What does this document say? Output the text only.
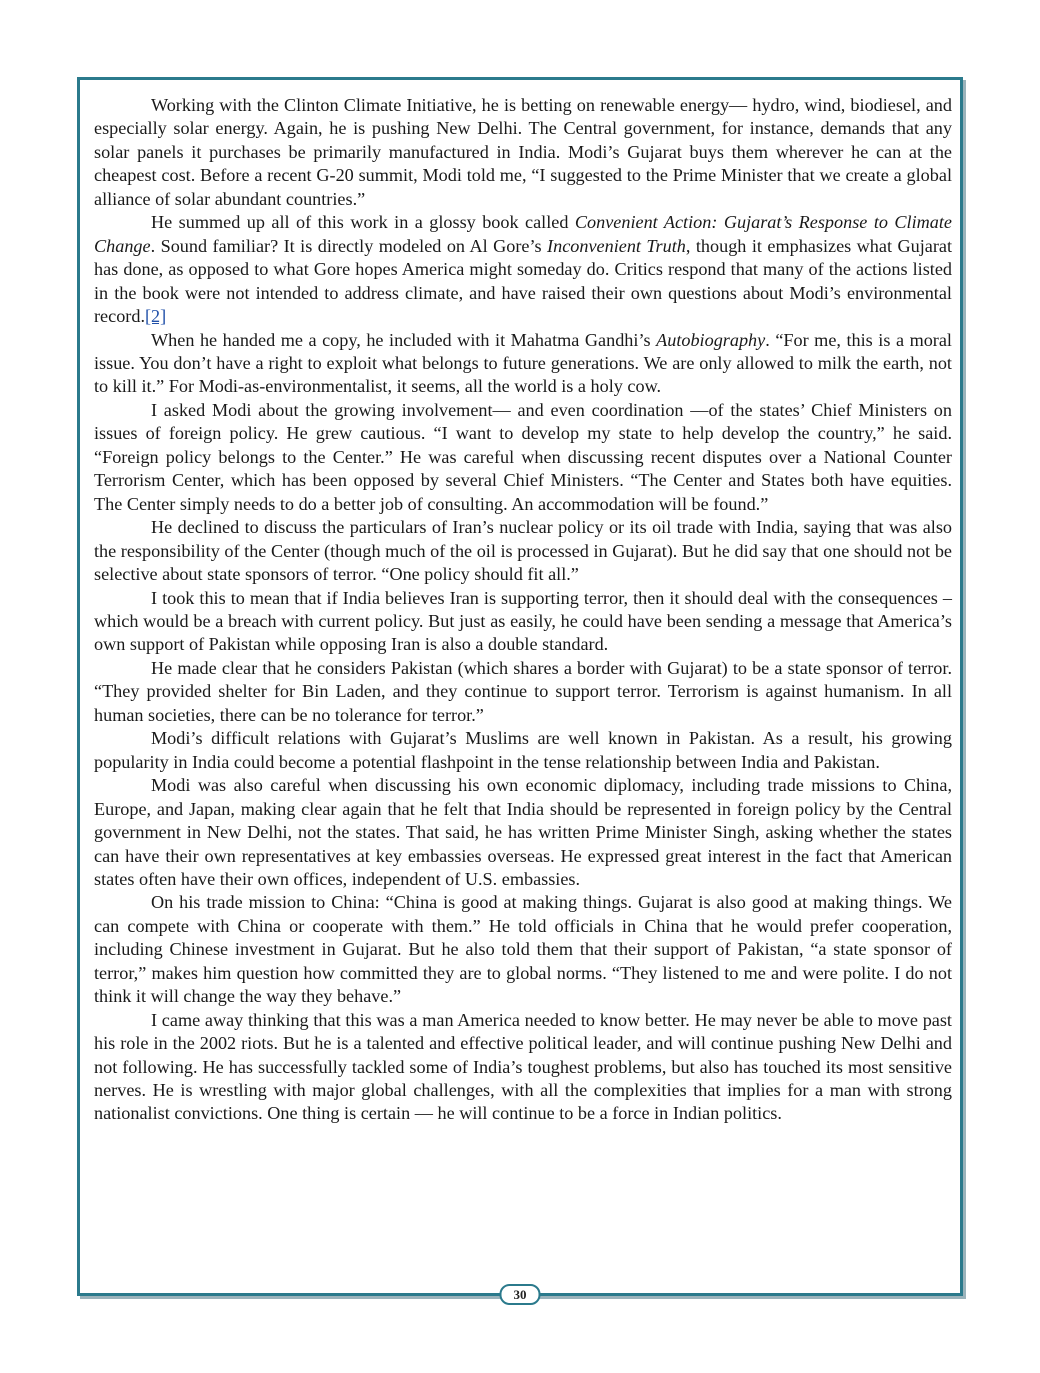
Working with the Clinton Climate Initiative, he is betting on renewable energy— hydro, wind, biodiesel, and especially solar energy. Again, he is pushing New Delhi. The Central government, for instance, demands that any solar panels it purchases be primarily manufactured in India. Modi’s Gujarat buys them wherever he can at the cheapest cost. Before a recent G-20 summit, Modi told me, “I suggested to the Prime Minister that we create a global alliance of solar abundant countries.”

He summed up all of this work in a glossy book called Convenient Action: Gujarat’s Response to Climate Change. Sound familiar? It is directly modeled on Al Gore’s Inconvenient Truth, though it emphasizes what Gujarat has done, as opposed to what Gore hopes America might someday do. Critics respond that many of the actions listed in the book were not intended to address climate, and have raised their own questions about Modi’s environmental record.[2]

When he handed me a copy, he included with it Mahatma Gandhi’s Autobiography. “For me, this is a moral issue. You don’t have a right to exploit what belongs to future generations. We are only allowed to milk the earth, not to kill it.” For Modi-as-environmentalist, it seems, all the world is a holy cow.

I asked Modi about the growing involvement— and even coordination —of the states’ Chief Ministers on issues of foreign policy. He grew cautious. “I want to develop my state to help develop the country,” he said. “Foreign policy belongs to the Center.” He was careful when discussing recent disputes over a National Counter Terrorism Center, which has been opposed by several Chief Ministers. “The Center and States both have equities. The Center simply needs to do a better job of consulting. An accommodation will be found.”

He declined to discuss the particulars of Iran’s nuclear policy or its oil trade with India, saying that was also the responsibility of the Center (though much of the oil is processed in Gujarat). But he did say that one should not be selective about state sponsors of terror. “One policy should fit all.”

I took this to mean that if India believes Iran is supporting terror, then it should deal with the consequences – which would be a breach with current policy. But just as easily, he could have been sending a message that America’s own support of Pakistan while opposing Iran is also a double standard.

He made clear that he considers Pakistan (which shares a border with Gujarat) to be a state sponsor of terror. “They provided shelter for Bin Laden, and they continue to support terror. Terrorism is against humanism. In all human societies, there can be no tolerance for terror.”

Modi’s difficult relations with Gujarat’s Muslims are well known in Pakistan. As a result, his growing popularity in India could become a potential flashpoint in the tense relationship between India and Pakistan.

Modi was also careful when discussing his own economic diplomacy, including trade missions to China, Europe, and Japan, making clear again that he felt that India should be represented in foreign policy by the Central government in New Delhi, not the states. That said, he has written Prime Minister Singh, asking whether the states can have their own representatives at key embassies overseas. He expressed great interest in the fact that American states often have their own offices, independent of U.S. embassies.

On his trade mission to China: “China is good at making things. Gujarat is also good at making things. We can compete with China or cooperate with them.” He told officials in China that he would prefer cooperation, including Chinese investment in Gujarat. But he also told them that their support of Pakistan, “a state sponsor of terror,” makes him question how committed they are to global norms. “They listened to me and were polite. I do not think it will change the way they behave.”

I came away thinking that this was a man America needed to know better. He may never be able to move past his role in the 2002 riots. But he is a talented and effective political leader, and will continue pushing New Delhi and not following. He has successfully tackled some of India’s toughest problems, but also has touched its most sensitive nerves. He is wrestling with major global challenges, with all the complexities that implies for a man with strong nationalist convictions. One thing is certain — he will continue to be a force in Indian politics.

30
